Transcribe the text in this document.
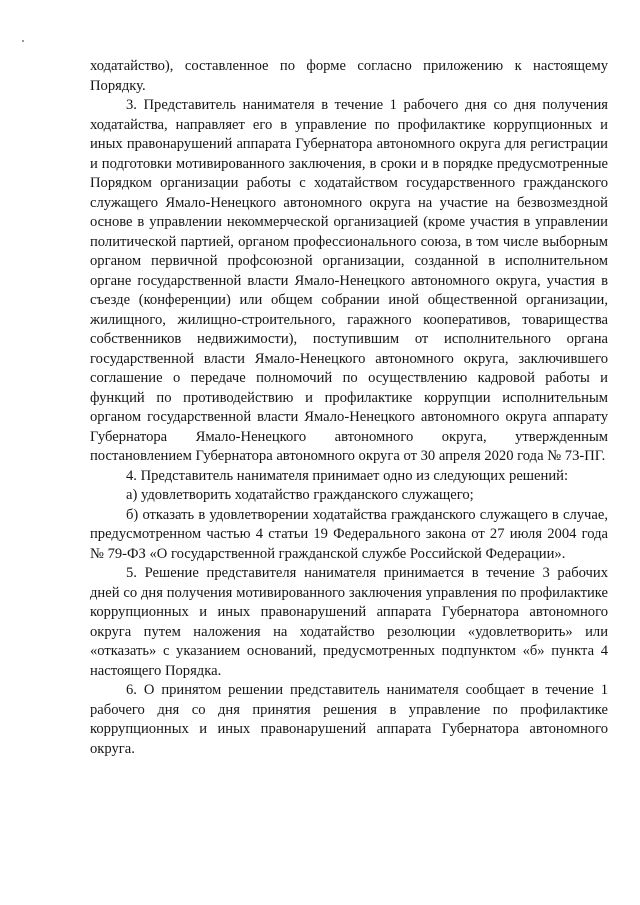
ходатайство), составленное по форме согласно приложению к настоящему Порядку.

3. Представитель нанимателя в течение 1 рабочего дня со дня получения ходатайства, направляет его в управление по профилактике коррупционных и иных правонарушений аппарата Губернатора автономного округа для регистрации и подготовки мотивированного заключения, в сроки и в порядке предусмотренные Порядком организации работы с ходатайством государственного гражданского служащего Ямало-Ненецкого автономного округа на участие на безвозмездной основе в управлении некоммерческой организацией (кроме участия в управлении политической партией, органом профессионального союза, в том числе выборным органом первичной профсоюзной организации, созданной в исполнительном органе государственной власти Ямало-Ненецкого автономного округа, участия в съезде (конференции) или общем собрании иной общественной организации, жилищного, жилищно-строительного, гаражного кооперативов, товарищества собственников недвижимости), поступившим от исполнительного органа государственной власти Ямало-Ненецкого автономного округа, заключившего соглашение о передаче полномочий по осуществлению кадровой работы и функций по противодействию и профилактике коррупции исполнительным органом государственной власти Ямало-Ненецкого автономного округа аппарату Губернатора Ямало-Ненецкого автономного округа, утвержденным постановлением Губернатора автономного округа от 30 апреля 2020 года № 73-ПГ.

4. Представитель нанимателя принимает одно из следующих решений:

а) удовлетворить ходатайство гражданского служащего;

б) отказать в удовлетворении ходатайства гражданского служащего в случае, предусмотренном частью 4 статьи 19 Федерального закона от 27 июля 2004 года № 79-ФЗ «О государственной гражданской службе Российской Федерации».

5. Решение представителя нанимателя принимается в течение 3 рабочих дней со дня получения мотивированного заключения управления по профилактике коррупционных и иных правонарушений аппарата Губернатора автономного округа путем наложения на ходатайство резолюции «удовлетворить» или «отказать» с указанием оснований, предусмотренных подпунктом «б» пункта 4 настоящего Порядка.

6. О принятом решении представитель нанимателя сообщает в течение 1 рабочего дня со дня принятия решения в управление по профилактике коррупционных и иных правонарушений аппарата Губернатора автономного округа.
